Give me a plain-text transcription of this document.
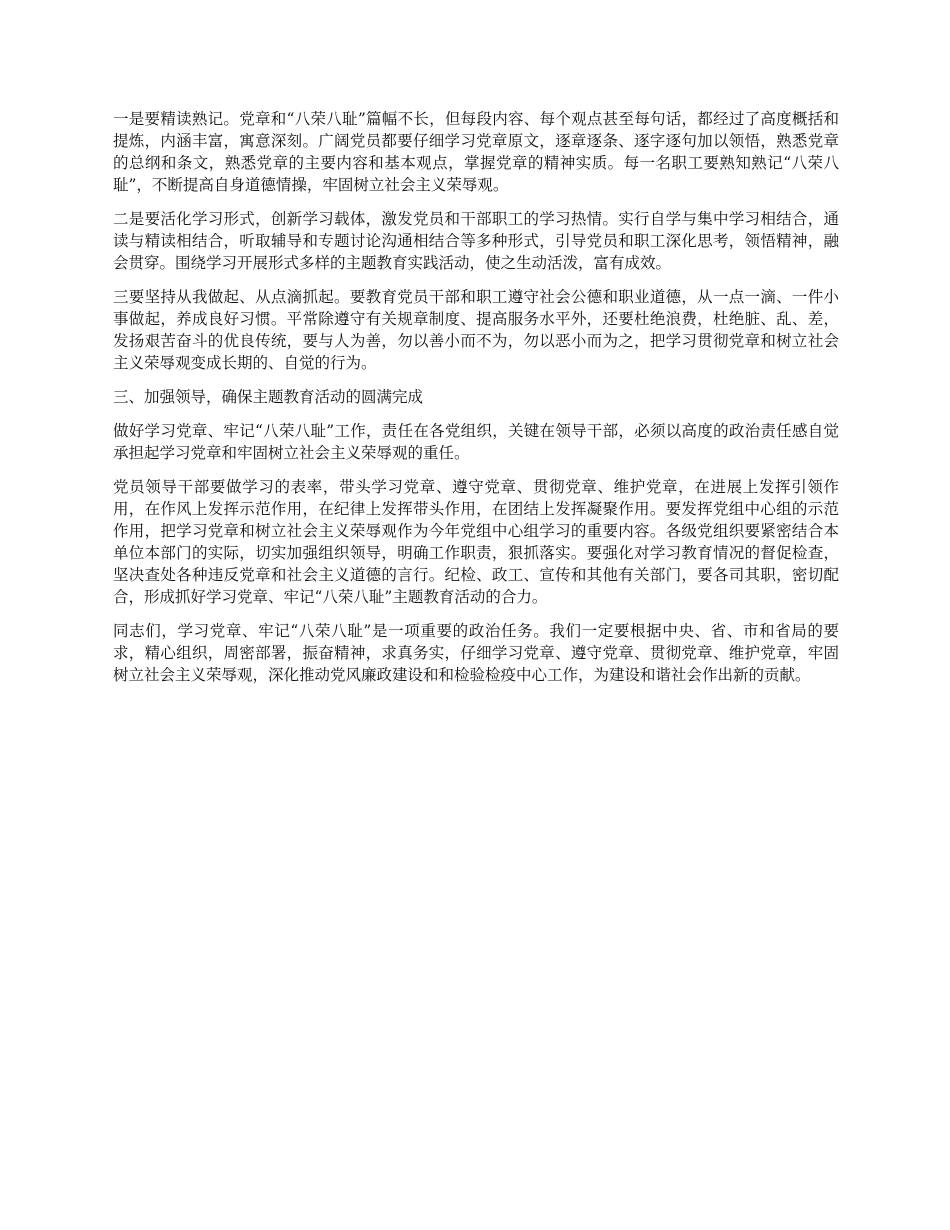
一是要精读熟记。党章和“八荣八耻”篇幅不长，但每段内容、每个观点甚至每句话，都经过了高度概括和提炼，内涵丰富，寓意深刻。广阔党员都要仔细学习党章原文，逐章逐条、逐字逐句加以领悟，熟悉党章的总纲和条文，熟悉党章的主要内容和基本观点，掌握党章的精神实质。每一名职工要熟知熟记“八荣八耻”，不断提高自身道德情操，牢固树立社会主义荣辱观。

二是要活化学习形式，创新学习载体，激发党员和干部职工的学习热情。实行自学与集中学习相结合，通读与精读相结合，听取辅导和专题讨论沟通相结合等多种形式，引导党员和职工深化思考，领悟精神，融会贯穿。围绕学习开展形式多样的主题教育实践活动，使之生动活泼，富有成效。

三要坚持从我做起、从点滴抓起。要教育党员干部和职工遵守社会公德和职业道德，从一点一滴、一件小事做起，养成良好习惯。平常除遵守有关规章制度、提高服务水平外，还要杜绝浪费，杜绝脏、乱、差，发扬艰苦奋斗的优良传统，要与人为善，勿以善小而不为，勿以恶小而为之，把学习贯彻党章和树立社会主义荣辱观变成长期的、自觉的行为。

三、加强领导，确保主题教育活动的圆满完成

做好学习党章、牢记“八荣八耻”工作，责任在各党组织，关键在领导干部，必须以高度的政治责任感自觉承担起学习党章和牢固树立社会主义荣辱观的重任。

党员领导干部要做学习的表率，带头学习党章、遵守党章、贯彻党章、维护党章，在进展上发挥引领作用，在作风上发挥示范作用，在纪律上发挥带头作用，在团结上发挥凝聚作用。要发挥党组中心组的示范作用，把学习党章和树立社会主义荣辱观作为今年党组中心组学习的重要内容。各级党组织要紧密结合本单位本部门的实际，切实加强组织领导，明确工作职责，狠抓落实。要强化对学习教育情况的督促检查，坚决查处各种违反党章和社会主义道德的言行。纪检、政工、宣传和其他有关部门，要各司其职，密切配合，形成抓好学习党章、牢记“八荣八耻”主题教育活动的合力。

同志们，学习党章、牢记“八荣八耻”是一项重要的政治任务。我们一定要根据中央、省、市和省局的要求，精心组织，周密部署，振奋精神，求真务实，仔细学习党章、遵守党章、贯彻党章、维护党章，牢固树立社会主义荣辱观，深化推动党风廉政建设和和检验检疫中心工作，为建设和谐社会作出新的贡献。
